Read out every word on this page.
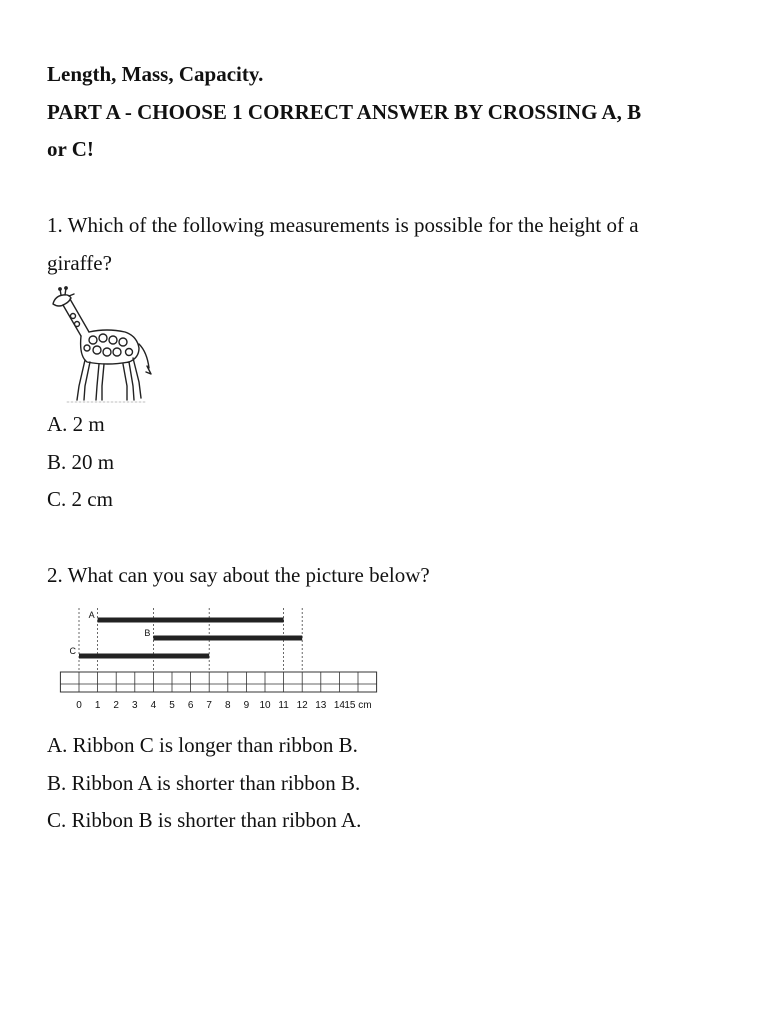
Length, Mass, Capacity.
PART A - CHOOSE 1 CORRECT ANSWER BY CROSSING A, B
or C!
1. Which of the following measurements is possible for the height of a
giraffe?
A. 2 m
B. 20 m
C. 2 cm
2. What can you say about the picture below?
0 1 2 3 4 5 6 7 8 9 10 11 12 13 14 15 cm
A
B
C
A. Ribbon C is longer than ribbon B.
B. Ribbon A is shorter than ribbon B.
C. Ribbon B is shorter than ribbon A.
